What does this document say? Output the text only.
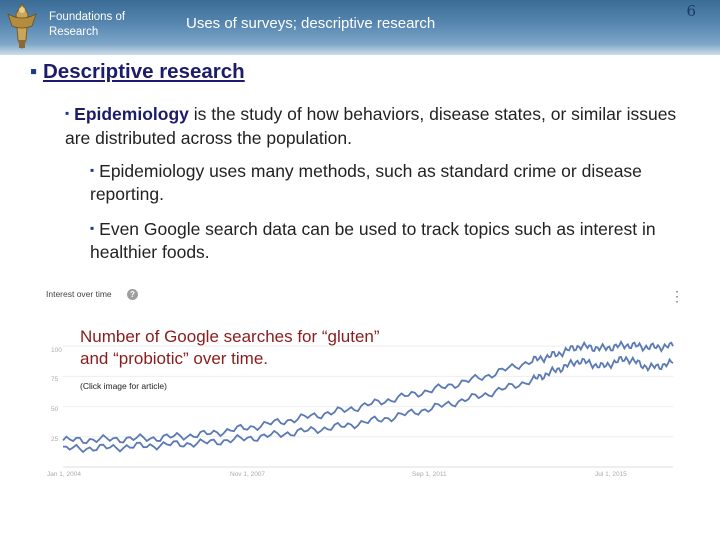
Foundations of Research	Uses of surveys; descriptive research
6
▪ Descriptive research
▪ Epidemiology is the study of how behaviors, disease states, or similar issues are distributed across the population.
▪ Epidemiology uses many methods, such as standard crime or disease reporting.
▪ Even Google search data can be used to track topics such as interest in healthier foods.
Interest over time	?	⋮
100
75
50
25
Jan 1, 2004	Nov 1, 2007	Sep 1, 2011	Jul 1, 2015
Number of Google searches for “gluten” and “probiotic” over time.
(Click image for article)
